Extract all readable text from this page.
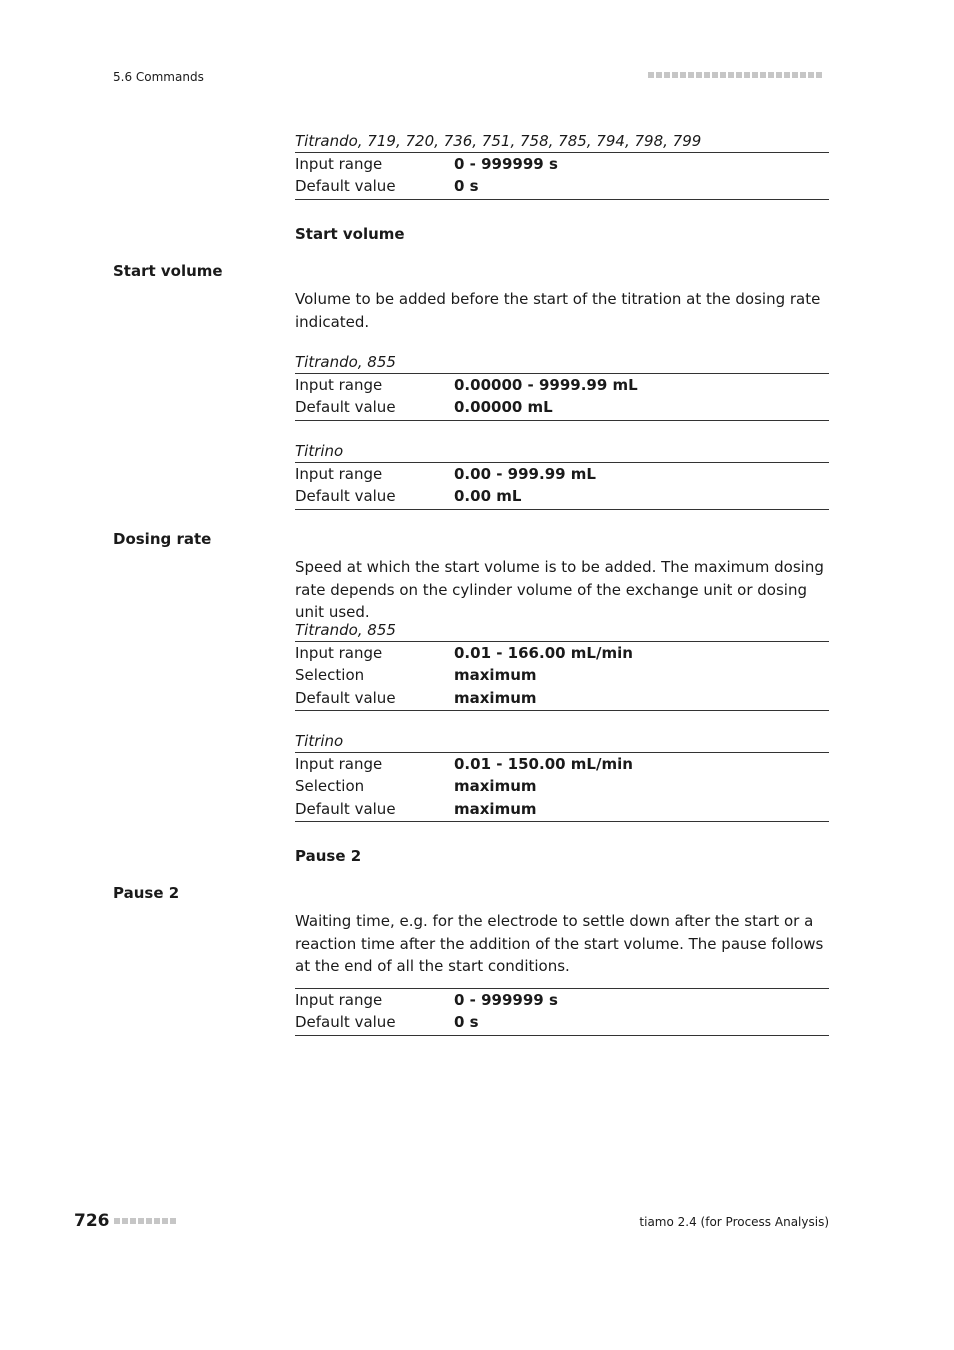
5.6 Commands
Titrando, 719, 720, 736, 751, 758, 785, 794, 798, 799
Input range	0 - 999999 s
Default value	0 s
Start volume
Start volume
Volume to be added before the start of the titration at the dosing rate indicated.
Titrando, 855
Input range	0.00000 - 9999.99 mL
Default value	0.00000 mL
Titrino
Input range	0.00 - 999.99 mL
Default value	0.00 mL
Dosing rate
Speed at which the start volume is to be added. The maximum dosing rate depends on the cylinder volume of the exchange unit or dosing unit used.
Titrando, 855
Input range	0.01 - 166.00 mL/min
Selection	maximum
Default value	maximum
Titrino
Input range	0.01 - 150.00 mL/min
Selection	maximum
Default value	maximum
Pause 2
Pause 2
Waiting time, e.g. for the electrode to settle down after the start or a reaction time after the addition of the start volume. The pause follows at the end of all the start conditions.
Input range	0 - 999999 s
Default value	0 s
726	tiamo 2.4 (for Process Analysis)
